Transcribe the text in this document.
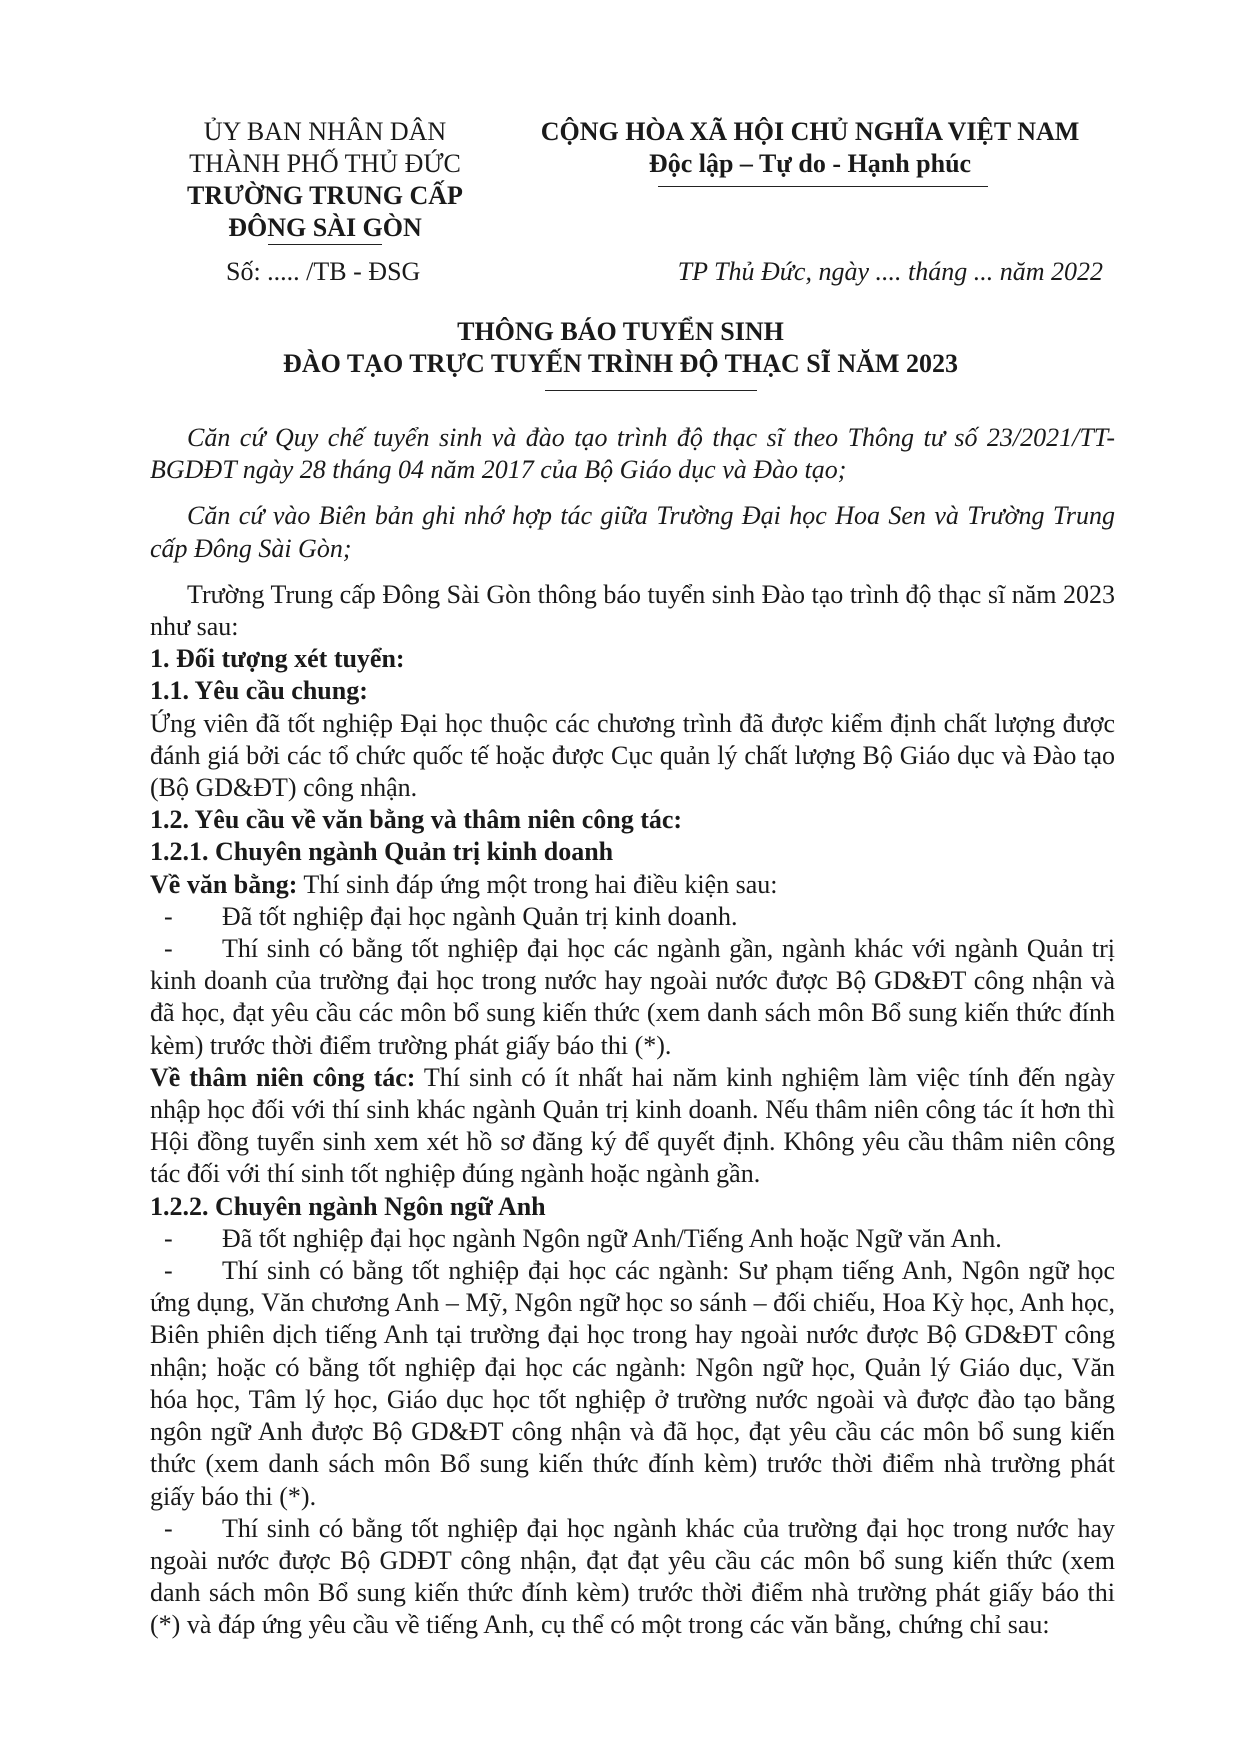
ỦY BAN NHÂN DÂN
THÀNH PHỐ THỦ ĐỨC
TRƯỜNG TRUNG CẤP
ĐÔNG SÀI GÒN
CỘNG HÒA XÃ HỘI CHỦ NGHĨA VIỆT NAM
Độc lập – Tự do - Hạnh phúc
Số: ..... /TB - ĐSG	TP Thủ Đức, ngày .... tháng ... năm 2022
THÔNG BÁO TUYỂN SINH
ĐÀO TẠO TRỰC TUYẾN TRÌNH ĐỘ THẠC SĨ NĂM 2023

Căn cứ Quy chế tuyển sinh và đào tạo trình độ thạc sĩ theo Thông tư số 23/2021/TT-BGDĐT ngày 28 tháng 04 năm 2017 của Bộ Giáo dục và Đào tạo;

Căn cứ vào Biên bản ghi nhớ hợp tác giữa Trường Đại học Hoa Sen và Trường Trung cấp Đông Sài Gòn;

Trường Trung cấp Đông Sài Gòn thông báo tuyển sinh Đào tạo trình độ thạc sĩ năm 2023 như sau:

1. Đối tượng xét tuyển:

1.1. Yêu cầu chung:

Ứng viên đã tốt nghiệp Đại học thuộc các chương trình đã được kiểm định chất lượng được đánh giá bởi các tổ chức quốc tế hoặc được Cục quản lý chất lượng Bộ Giáo dục và Đào tạo (Bộ GD&ĐT) công nhận.

1.2. Yêu cầu về văn bằng và thâm niên công tác:

1.2.1. Chuyên ngành Quản trị kinh doanh

Về văn bằng: Thí sinh đáp ứng một trong hai điều kiện sau:

- Đã tốt nghiệp đại học ngành Quản trị kinh doanh.

- Thí sinh có bằng tốt nghiệp đại học các ngành gần, ngành khác với ngành Quản trị kinh doanh của trường đại học trong nước hay ngoài nước được Bộ GD&ĐT công nhận và đã học, đạt yêu cầu các môn bổ sung kiến thức (xem danh sách môn Bổ sung kiến thức đính kèm) trước thời điểm trường phát giấy báo thi (*).

Về thâm niên công tác: Thí sinh có ít nhất hai năm kinh nghiệm làm việc tính đến ngày nhập học đối với thí sinh khác ngành Quản trị kinh doanh. Nếu thâm niên công tác ít hơn thì Hội đồng tuyển sinh xem xét hồ sơ đăng ký để quyết định. Không yêu cầu thâm niên công tác đối với thí sinh tốt nghiệp đúng ngành hoặc ngành gần.

1.2.2. Chuyên ngành Ngôn ngữ Anh

- Đã tốt nghiệp đại học ngành Ngôn ngữ Anh/Tiếng Anh hoặc Ngữ văn Anh.

- Thí sinh có bằng tốt nghiệp đại học các ngành: Sư phạm tiếng Anh, Ngôn ngữ học ứng dụng, Văn chương Anh – Mỹ, Ngôn ngữ học so sánh – đối chiếu, Hoa Kỳ học, Anh học, Biên phiên dịch tiếng Anh tại trường đại học trong hay ngoài nước được Bộ GD&ĐT công nhận; hoặc có bằng tốt nghiệp đại học các ngành: Ngôn ngữ học, Quản lý Giáo dục, Văn hóa học, Tâm lý học, Giáo dục học tốt nghiệp ở trường nước ngoài và được đào tạo bằng ngôn ngữ Anh được Bộ GD&ĐT công nhận và đã học, đạt yêu cầu các môn bổ sung kiến thức (xem danh sách môn Bổ sung kiến thức đính kèm) trước thời điểm nhà trường phát giấy báo thi (*).

- Thí sinh có bằng tốt nghiệp đại học ngành khác của trường đại học trong nước hay ngoài nước được Bộ GDĐT công nhận, đạt đạt yêu cầu các môn bổ sung kiến thức (xem danh sách môn Bổ sung kiến thức đính kèm) trước thời điểm nhà trường phát giấy báo thi (*) và đáp ứng yêu cầu về tiếng Anh, cụ thể có một trong các văn bằng, chứng chỉ sau:
